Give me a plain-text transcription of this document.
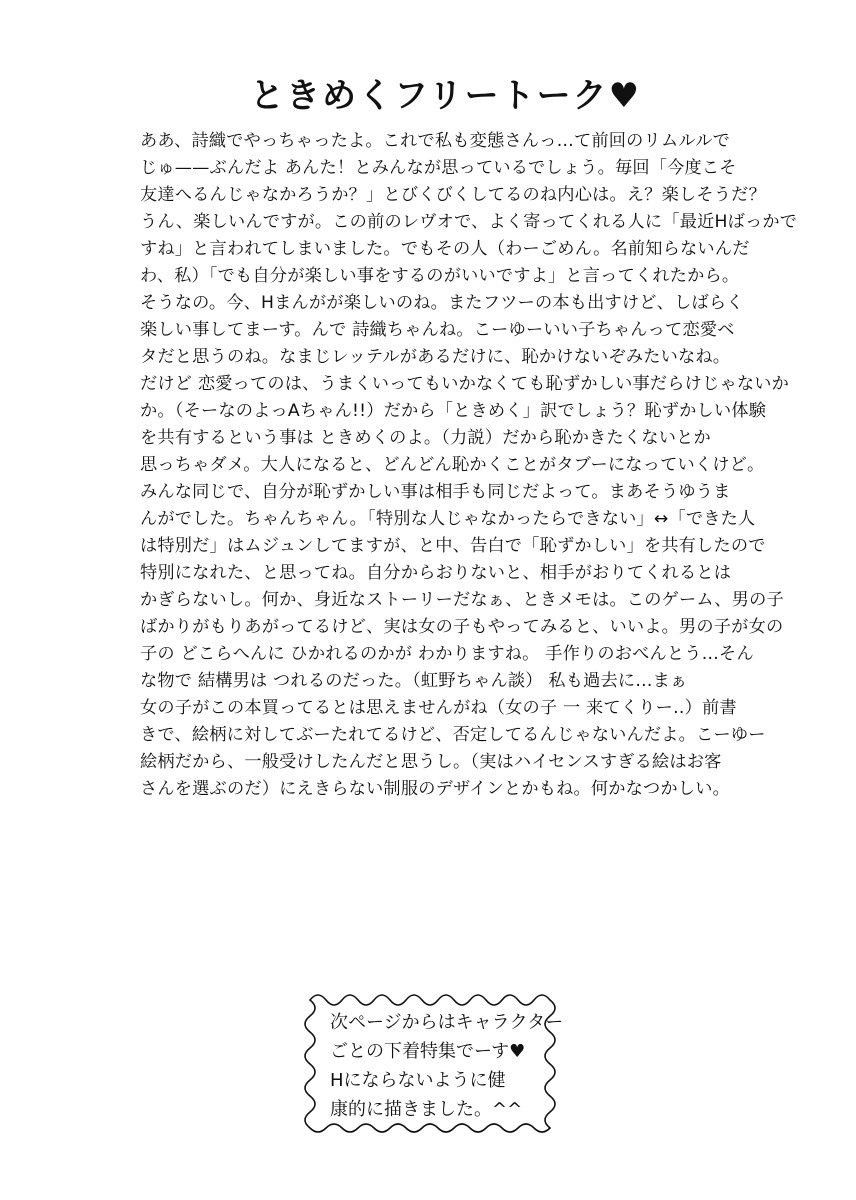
ときめくフリートーク♥
ああ、詩織でやっちゃったよ。これで私も変態さんっ…て前回のリムルルで
じゅ——ぶんだよ あんた！とみんなが思っているでしょう。毎回「今度こそ
友達へるんじゃなかろうか？」とびくびくしてるのね内心は。え？楽しそうだ？
うん、楽しいんですが。この前のレヴオで、よく寄ってくれる人に「最近Hばっかで
すね」と言われてしまいました。でもその人（わーごめん。名前知らないんだ
わ、私）「でも自分が楽しい事をするのがいいですよ」と言ってくれたから。
そうなの。今、Hまんがが楽しいのね。またフツーの本も出すけど、しばらく
楽しい事してまーす。んで 詩織ちゃんね。こーゆーいい子ちゃんって恋愛ベ
タだと思うのね。なまじレッテルがあるだけに、恥かけないぞみたいなね。
だけど 恋愛ってのは、うまくいってもいかなくても恥ずかしい事だらけじゃないか
か。（そーなのよっAちゃん!!）だから「ときめく」訳でしょう？恥ずかしい体験
を共有するという事は ときめくのよ。（力説）だから恥かきたくないとか
思っちゃダメ。大人になると、どんどん恥かくことがタブーになっていくけど。
みんな同じで、自分が恥ずかしい事は相手も同じだよって。まあそうゆうま
んがでした。ちゃんちゃん。「特別な人じゃなかったらできない」↔「できた人
は特別だ」はムジュンしてますが、と中、告白で「恥ずかしい」を共有したので
特別になれた、と思ってね。自分からおりないと、相手がおりてくれるとは
かぎらないし。何か、身近なストーリーだなぁ、ときメモは。このゲーム、男の子
ばかりがもりあがってるけど、実は女の子もやってみると、いいよ。男の子が女の
子の どこらへんに ひかれるのかが わかりますね。 手作りのおべんとう…そん
な物で 結構男は つれるのだった。（虹野ちゃん談） 私も過去に…まぁ
女の子がこの本買ってるとは思えませんがね（女の子 一 来てくりー‥）前書
きで、絵柄に対してぶーたれてるけど、否定してるんじゃないんだよ。こーゆー
絵柄だから、一般受けしたんだと思うし。（実はハイセンスすぎる絵はお客
さんを選ぶのだ）にえきらない制服のデザインとかもね。何かなつかしい。
次ページからはキャラクター
ごとの下着特集でーす♥
Hにならないように健
康的に描きました。^^
